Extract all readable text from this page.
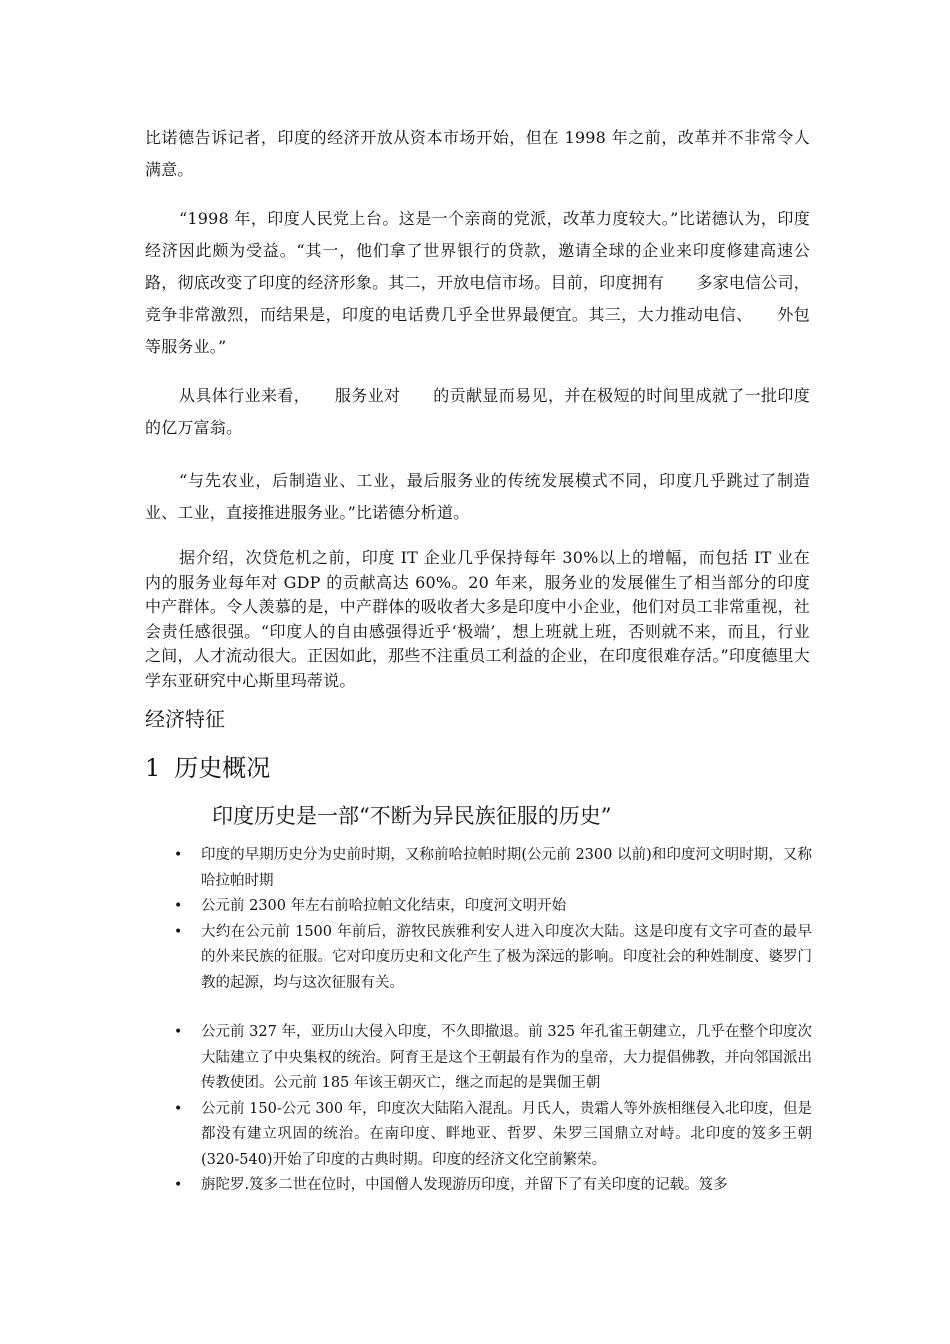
比诺德告诉记者，印度的经济开放从资本市场开始，但在 1998 年之前，改革并不非常令人满意。

“1998 年，印度人民党上台。这是一个亲商的党派，改革力度较大。”比诺德认为，印度经济因此颇为受益。“其一，他们拿了世界银行的贷款，邀请全球的企业来印度修建高速公路，彻底改变了印度的经济形象。其二，开放电信市场。目前，印度拥有　　多家电信公司，竞争非常激烈，而结果是，印度的电话费几乎全世界最便宜。其三，大力推动电信、　　外包等服务业。”

从具体行业来看，　　服务业对　　的贡献显而易见，并在极短的时间里成就了一批印度的亿万富翁。

“与先农业，后制造业、工业，最后服务业的传统发展模式不同，印度几乎跳过了制造业、工业，直接推进服务业。”比诺德分析道。

据介绍，次贷危机之前，印度 IT 企业几乎保持每年 30%以上的增幅，而包括 IT 业在内的服务业每年对 GDP 的贡献高达 60%。20 年来，服务业的发展催生了相当部分的印度中产群体。令人羡慕的是，中产群体的吸收者大多是印度中小企业，他们对员工非常重视，社会责任感很强。“印度人的自由感强得近乎‘极端’，想上班就上班，否则就不来，而且，行业之间，人才流动很大。正因如此，那些不注重员工利益的企业，在印度很难存活。”印度德里大学东亚研究中心斯里玛蒂说。

经济特征
1 历史概况
印度历史是一部“不断为异民族征服的历史”
• 印度的早期历史分为史前时期，又称前哈拉帕时期(公元前 2300 以前)和印度河文明时期，又称哈拉帕时期
• 公元前 2300 年左右前哈拉帕文化结束，印度河文明开始
• 大约在公元前 1500 年前后，游牧民族雅利安人进入印度次大陆。这是印度有文字可查的最早的外来民族的征服。它对印度历史和文化产生了极为深远的影响。印度社会的种姓制度、婆罗门教的起源，均与这次征服有关。
• 公元前 327 年，亚历山大侵入印度，不久即撤退。前 325 年孔雀王朝建立，几乎在整个印度次大陆建立了中央集权的统治。阿育王是这个王朝最有作为的皇帝，大力提倡佛教，并向邻国派出传教使团。公元前 185 年该王朝灭亡，继之而起的是巽伽王朝
• 公元前 150-公元 300 年，印度次大陆陷入混乱。月氏人，贵霜人等外族相继侵入北印度，但是都没有建立巩固的统治。在南印度、畔地亚、哲罗、朱罗三国鼎立对峙。北印度的笈多王朝(320-540)开始了印度的古典时期。印度的经济文化空前繁荣。
• 旃陀罗.笈多二世在位时，中国僧人发现游历印度，并留下了有关印度的记载。笈多
